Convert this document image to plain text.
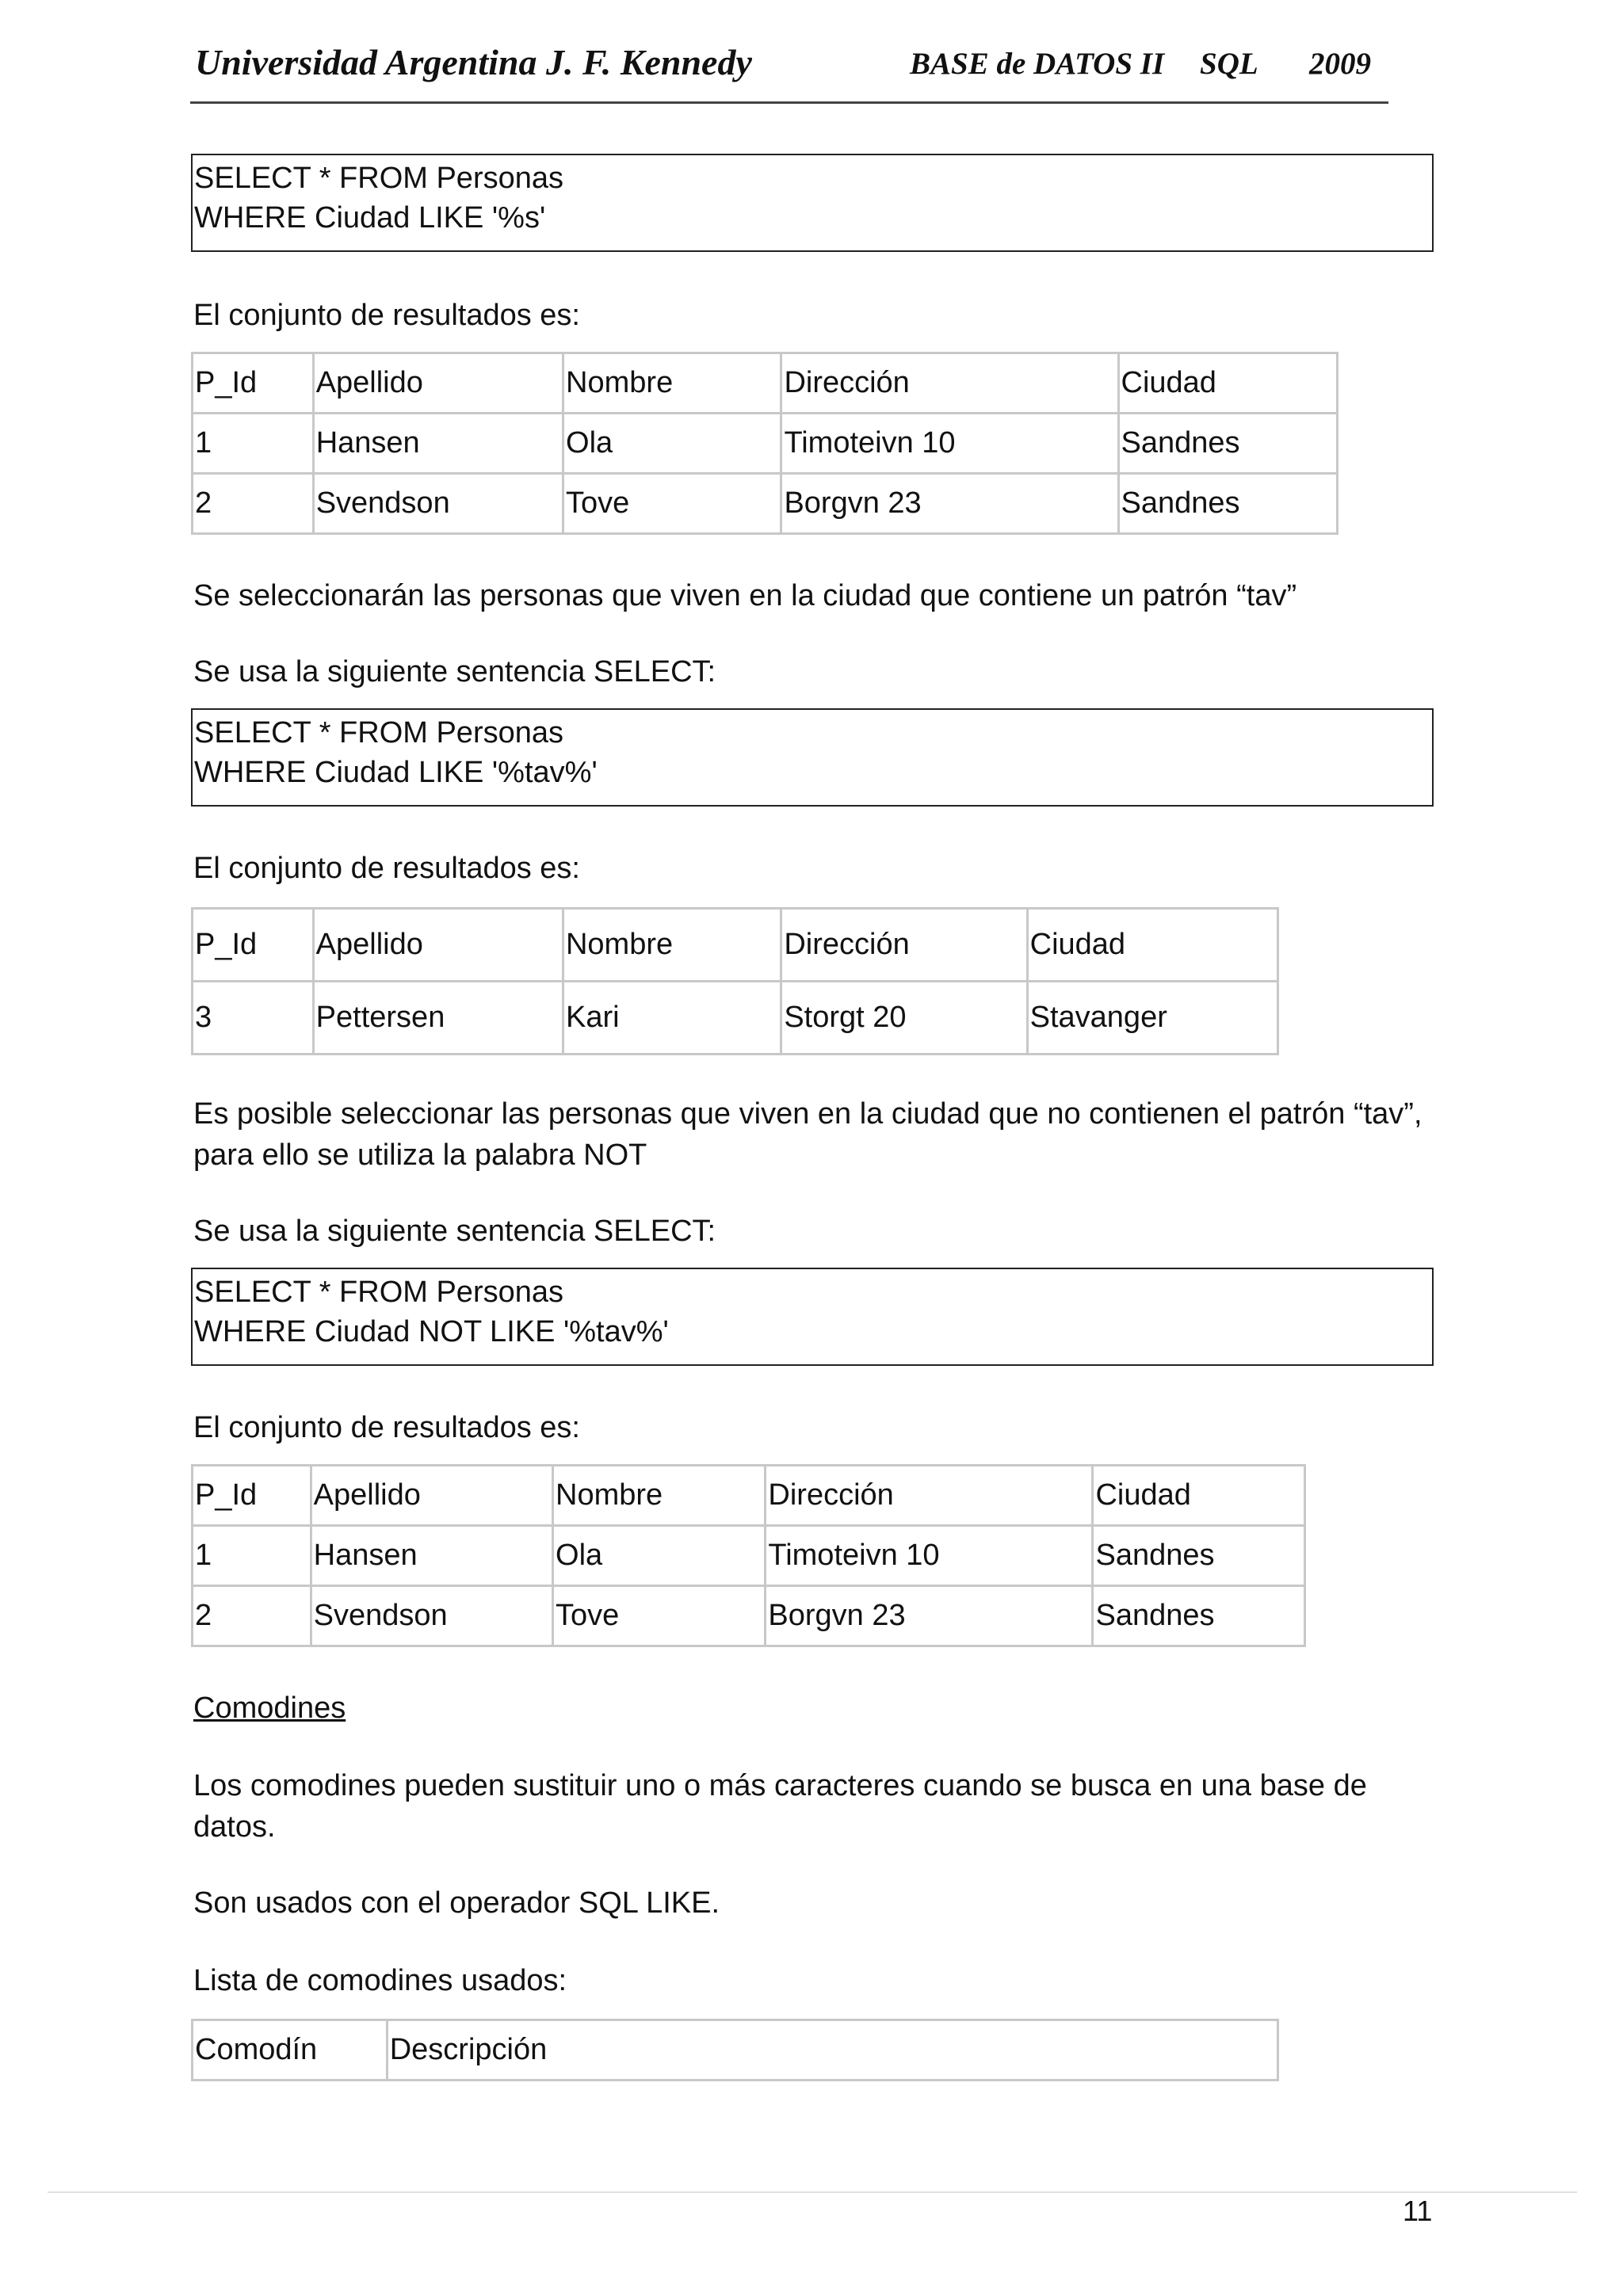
Universidad Argentina J. F. Kennedy	BASE de DATOS II SQL 2009
SELECT * FROM Personas
WHERE Ciudad LIKE '%s'
El conjunto de resultados es:
P_Id	Apellido	Nombre	Dirección	Ciudad
1	Hansen	Ola	Timoteivn 10	Sandnes
2	Svendson	Tove	Borgvn 23	Sandnes
Se seleccionarán las personas que viven en la ciudad que contiene un patrón “tav”
Se usa la siguiente sentencia SELECT:
SELECT * FROM Personas
WHERE Ciudad LIKE '%tav%'
El conjunto de resultados es:
P_Id	Apellido	Nombre	Dirección	Ciudad
3	Pettersen	Kari	Storgt 20	Stavanger
Es posible seleccionar las personas que viven en la ciudad que no contienen el patrón “tav”, para ello se utiliza la palabra NOT
Se usa la siguiente sentencia SELECT:
SELECT * FROM Personas
WHERE Ciudad NOT LIKE '%tav%'
El conjunto de resultados es:
P_Id	Apellido	Nombre	Dirección	Ciudad
1	Hansen	Ola	Timoteivn 10	Sandnes
2	Svendson	Tove	Borgvn 23	Sandnes
Comodines
Los comodines pueden sustituir uno o más caracteres cuando se busca en una base de datos.
Son usados con el operador SQL LIKE.
Lista de comodines usados:
Comodín	Descripción
11
